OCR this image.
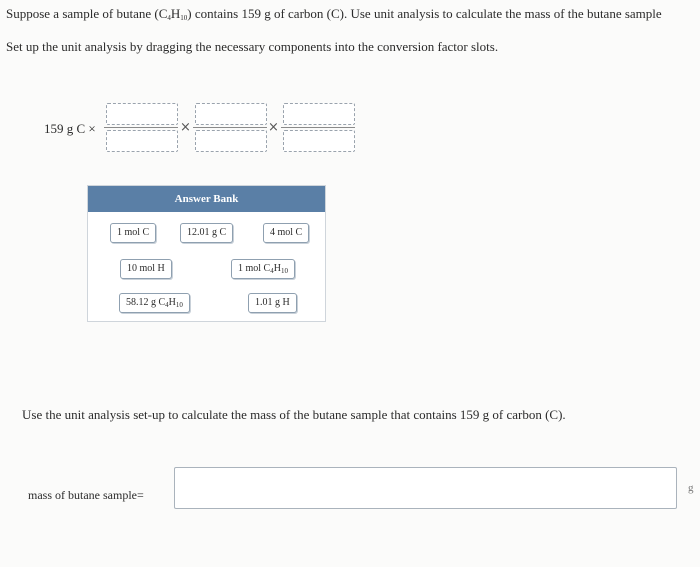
Suppose a sample of butane $(C_4H_{10})$ contains 159 g of carbon (C). Use unit analysis to calculate the mass of the butane sample
Set up the unit analysis by dragging the necessary components into the conversion factor slots.
159 g C ×	×	×
Answer Bank
1 mol C	12.01 g C	4 mol C
10 mol H	1 mol $C_4H_{10}$
58.12 g $C_4H_{10}$	1.01 g H
Use the unit analysis set-up to calculate the mass of the butane sample that contains 159 g of carbon (C).
mass of butane sample=	g
